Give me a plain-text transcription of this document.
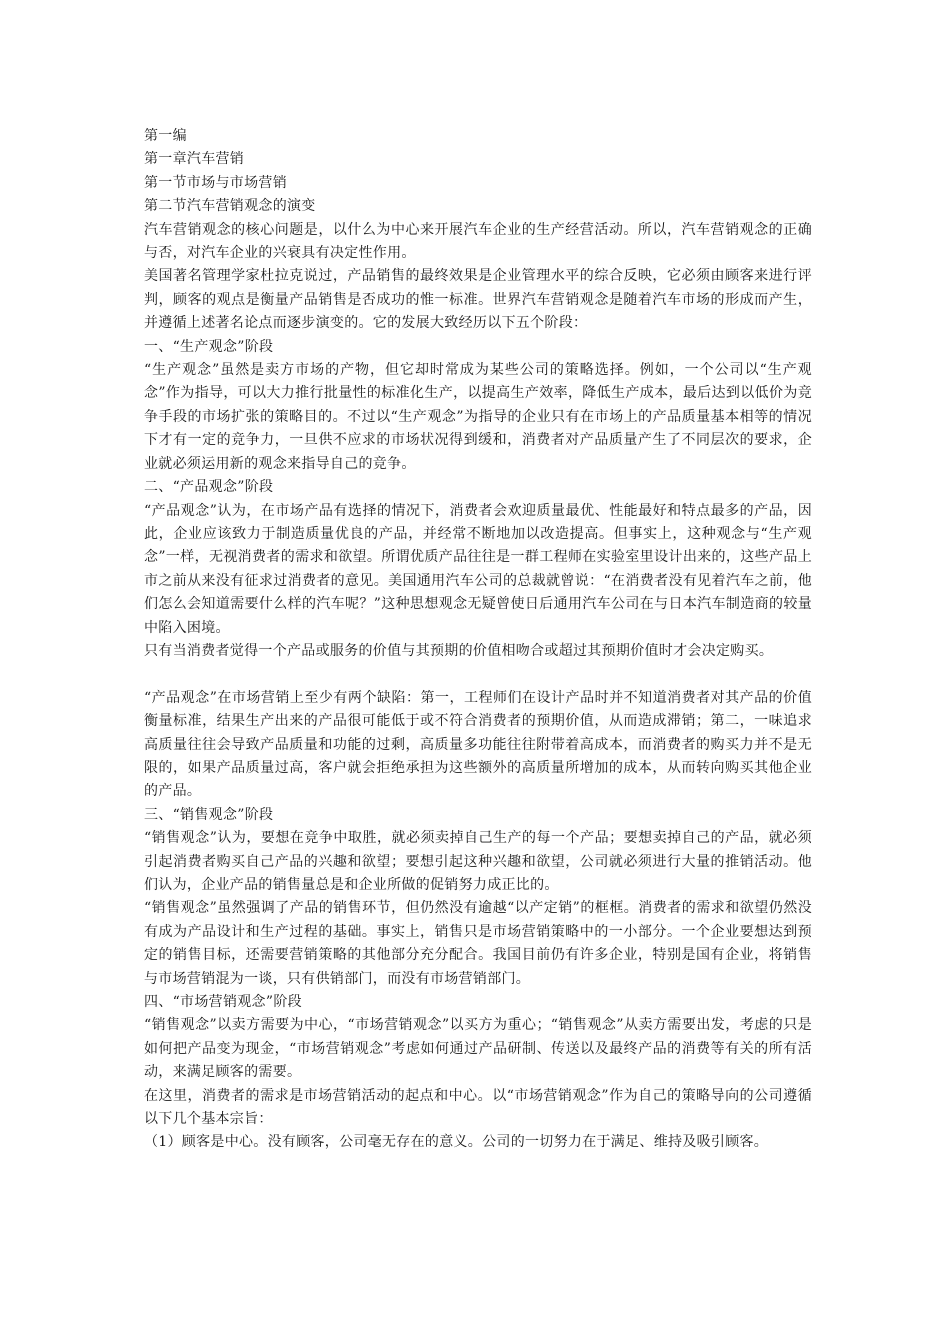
第一编

第一章汽车营销

第一节市场与市场营销

第二节汽车营销观念的演变

汽车营销观念的核心问题是，以什么为中心来开展汽车企业的生产经营活动。所以，汽车营销观念的正确与否，对汽车企业的兴衰具有决定性作用。

美国著名管理学家杜拉克说过，产品销售的最终效果是企业管理水平的综合反映，它必须由顾客来进行评判，顾客的观点是衡量产品销售是否成功的惟一标准。世界汽车营销观念是随着汽车市场的形成而产生，并遵循上述著名论点而逐步演变的。它的发展大致经历以下五个阶段：

一、“生产观念”阶段

“生产观念”虽然是卖方市场的产物，但它却时常成为某些公司的策略选择。例如，一个公司以“生产观念”作为指导，可以大力推行批量性的标准化生产，以提高生产效率，降低生产成本，最后达到以低价为竞争手段的市场扩张的策略目的。不过以“生产观念”为指导的企业只有在市场上的产品质量基本相等的情况下才有一定的竞争力，一旦供不应求的市场状况得到缓和，消费者对产品质量产生了不同层次的要求，企业就必须运用新的观念来指导自己的竞争。

二、“产品观念”阶段

“产品观念”认为，在市场产品有选择的情况下，消费者会欢迎质量最优、性能最好和特点最多的产品，因此，企业应该致力于制造质量优良的产品，并经常不断地加以改造提高。但事实上，这种观念与“生产观念”一样，无视消费者的需求和欲望。所谓优质产品往往是一群工程师在实验室里设计出来的，这些产品上市之前从来没有征求过消费者的意见。美国通用汽车公司的总裁就曾说：“在消费者没有见着汽车之前，他们怎么会知道需要什么样的汽车呢？”这种思想观念无疑曾使日后通用汽车公司在与日本汽车制造商的较量中陷入困境。

只有当消费者觉得一个产品或服务的价值与其预期的价值相吻合或超过其预期价值时才会决定购买。

“产品观念”在市场营销上至少有两个缺陷：第一，工程师们在设计产品时并不知道消费者对其产品的价值衡量标准，结果生产出来的产品很可能低于或不符合消费者的预期价值，从而造成滞销；第二，一味追求高质量往往会导致产品质量和功能的过剩，高质量多功能往往附带着高成本，而消费者的购买力并不是无限的，如果产品质量过高，客户就会拒绝承担为这些额外的高质量所增加的成本，从而转向购买其他企业的产品。

三、“销售观念”阶段

“销售观念”认为，要想在竞争中取胜，就必须卖掉自己生产的每一个产品；要想卖掉自己的产品，就必须引起消费者购买自己产品的兴趣和欲望；要想引起这种兴趣和欲望，公司就必须进行大量的推销活动。他们认为，企业产品的销售量总是和企业所做的促销努力成正比的。

“销售观念”虽然强调了产品的销售环节，但仍然没有逾越“以产定销”的框框。消费者的需求和欲望仍然没有成为产品设计和生产过程的基础。事实上，销售只是市场营销策略中的一小部分。一个企业要想达到预定的销售目标，还需要营销策略的其他部分充分配合。我国目前仍有许多企业，特别是国有企业，将销售与市场营销混为一谈，只有供销部门，而没有市场营销部门。

四、“市场营销观念”阶段

“销售观念”以卖方需要为中心，“市场营销观念”以买方为重心；“销售观念”从卖方需要出发，考虑的只是如何把产品变为现金，“市场营销观念”考虑如何通过产品研制、传送以及最终产品的消费等有关的所有活动，来满足顾客的需要。

在这里，消费者的需求是市场营销活动的起点和中心。以“市场营销观念”作为自己的策略导向的公司遵循以下几个基本宗旨：

（1）顾客是中心。没有顾客，公司毫无存在的意义。公司的一切努力在于满足、维持及吸引顾客。
